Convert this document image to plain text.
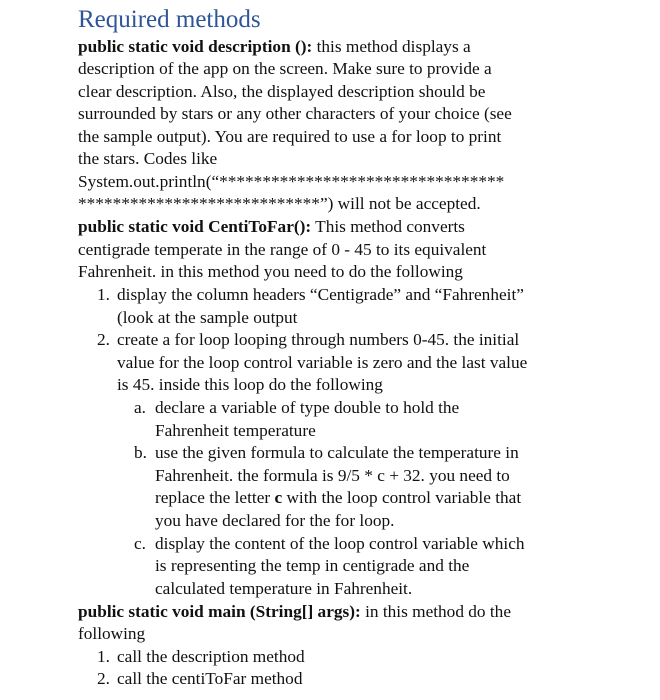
Required methods
public static void description (): this method displays a
description of the app on the screen. Make sure to provide a
clear description. Also, the displayed description should be
surrounded by stars or any other characters of your choice (see
the sample output). You are required to use a for loop to print
the stars. Codes like
System.out.println(“*********************************
****************************”) will not be accepted.
public static void CentiToFar(): This method converts
centigrade temperate in the range of 0 - 45 to its equivalent
Fahrenheit. in this method you need to do the following
1. display the column headers “Centigrade” and “Fahrenheit”
(look at the sample output
2. create a for loop looping through numbers 0-45. the initial
value for the loop control variable is zero and the last value
is 45. inside this loop do the following
a. declare a variable of type double to hold the
Fahrenheit temperature
b. use the given formula to calculate the temperature in
Fahrenheit. the formula is 9/5 * c + 32. you need to
replace the letter c with the loop control variable that
you have declared for the for loop.
c. display the content of the loop control variable which
is representing the temp in centigrade and the
calculated temperature in Fahrenheit.
public static void main (String[] args): in this method do the
following
1. call the description method
2. call the centiToFar method
